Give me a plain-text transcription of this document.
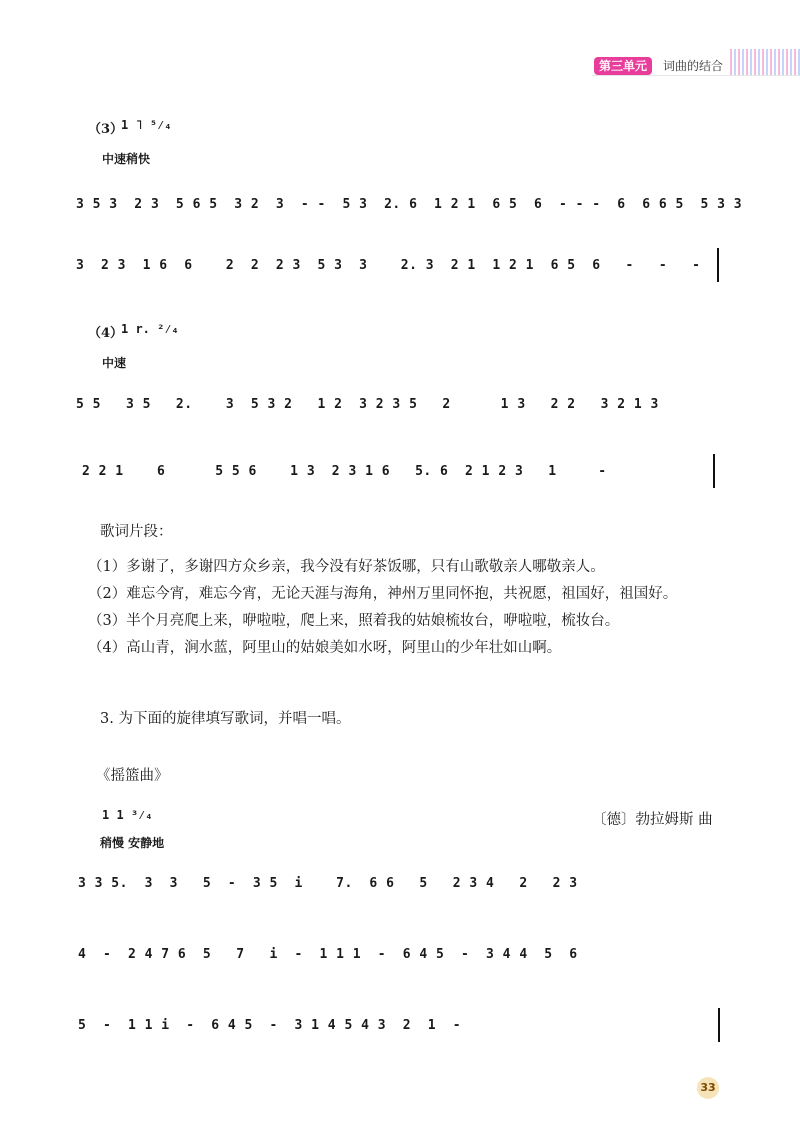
第三单元	词曲的结合
（3）
1 ˥ ⁵⁄₄
中速稍快
3 5 3  2 3  5 6 5  3 2  3  - -  5 3  2. 6  1 2 1  6 5  6  - - -  6  6 6 5  5 3 3
3  2 3  1 6  6    2  2  2 3  5 3  3    2. 3  2 1  1 2 1  6 5  6   -   -   -
（4）
1 r. ²⁄₄
中速
5 5   3 5   2.    3  5 3 2   1 2  3 2 3 5   2      1 3   2 2   3 2 1 3
2 2 1    6      5 5 6    1 3  2 3 1 6   5. 6  2 1 2 3   1     -
歌词片段：
（1）多谢了，多谢四方众乡亲，我今没有好茶饭哪，只有山歌敬亲人哪敬亲人。
（2）难忘今宵，难忘今宵，无论天涯与海角，神州万里同怀抱，共祝愿，祖国好，祖国好。
（3）半个月亮爬上来，咿啦啦，爬上来，照着我的姑娘梳妆台，咿啦啦，梳妆台。
（4）高山青，涧水蓝，阿里山的姑娘美如水呀，阿里山的少年壮如山啊。
3. 为下面的旋律填写歌词，并唱一唱。
《摇篮曲》
1 1 ³⁄₄	〔德〕勃拉姆斯 曲
稍慢 安静地
3 3 5.  3  3   5  -  3 5  i    7.  6 6   5   2 3 4   2   2 3
4  -  2 4 7 6  5   7   i  -  1 1 1  -  6 4 5  -  3 4 4  5  6
5  -  1 1 i  -  6 4 5  -  3 1 4 5 4 3  2  1  -
33
